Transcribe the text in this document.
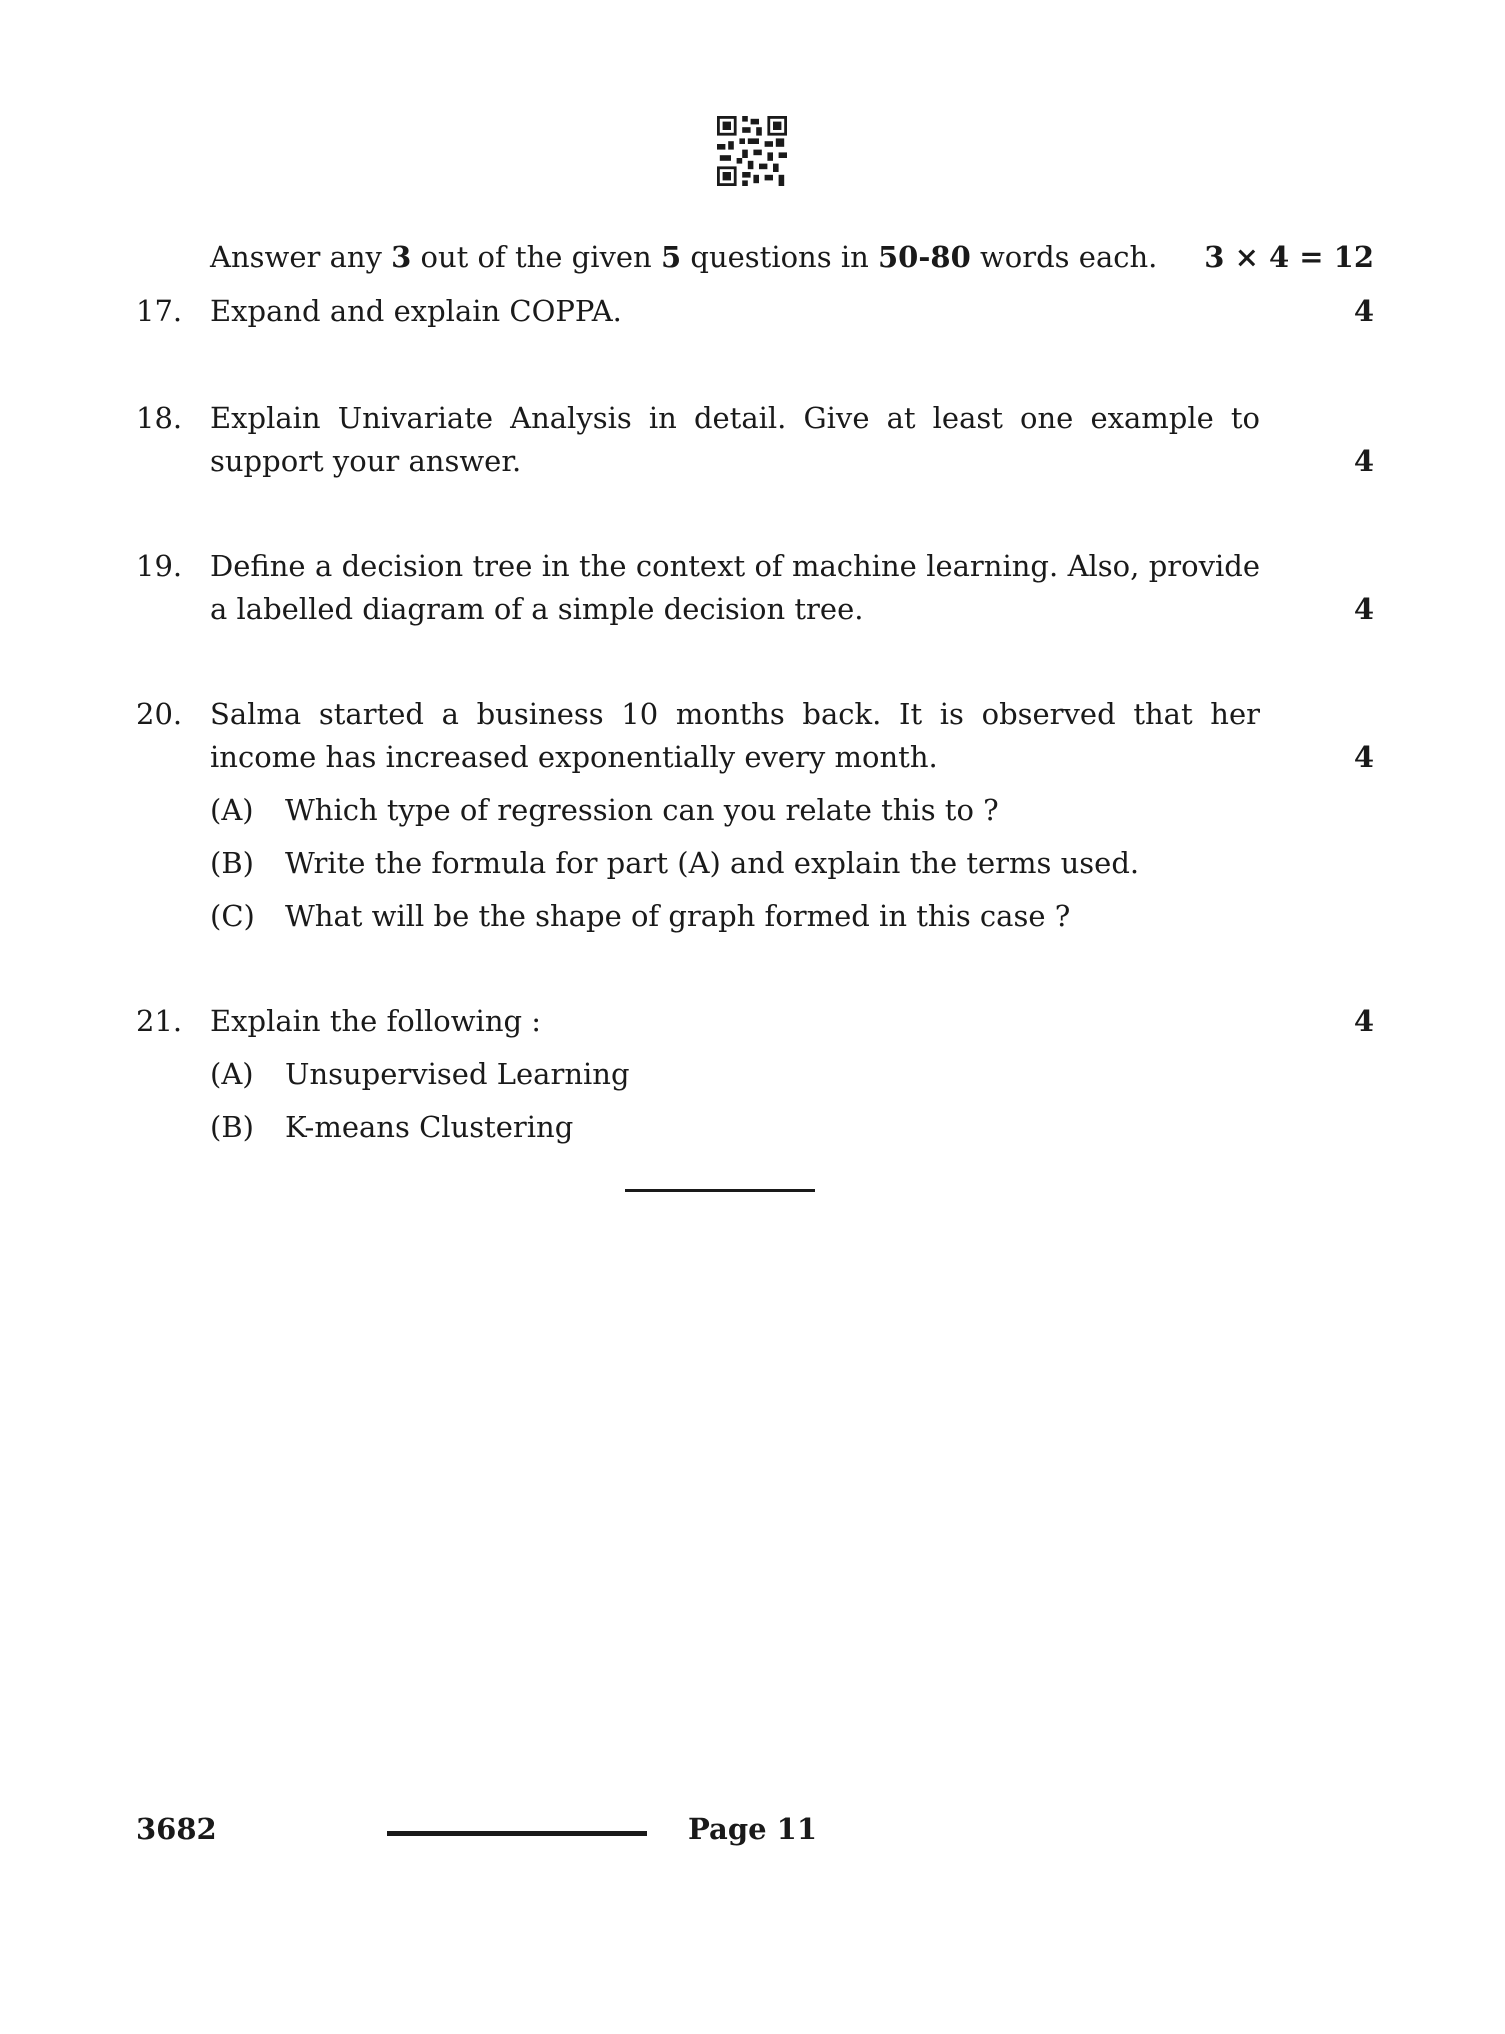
Answer any 3 out of the given 5 questions in 50-80 words each. 3 × 4 = 12
17. Expand and explain COPPA.	4
18. Explain Univariate Analysis in detail. Give at least one example to support your answer.	4
19. Define a decision tree in the context of machine learning. Also, provide a labelled diagram of a simple decision tree.	4
20. Salma started a business 10 months back. It is observed that her income has increased exponentially every month.	4
(A) Which type of regression can you relate this to ?
(B) Write the formula for part (A) and explain the terms used.
(C) What will be the shape of graph formed in this case ?
21. Explain the following :	4
(A) Unsupervised Learning
(B) K-means Clustering
3682	Page 11
